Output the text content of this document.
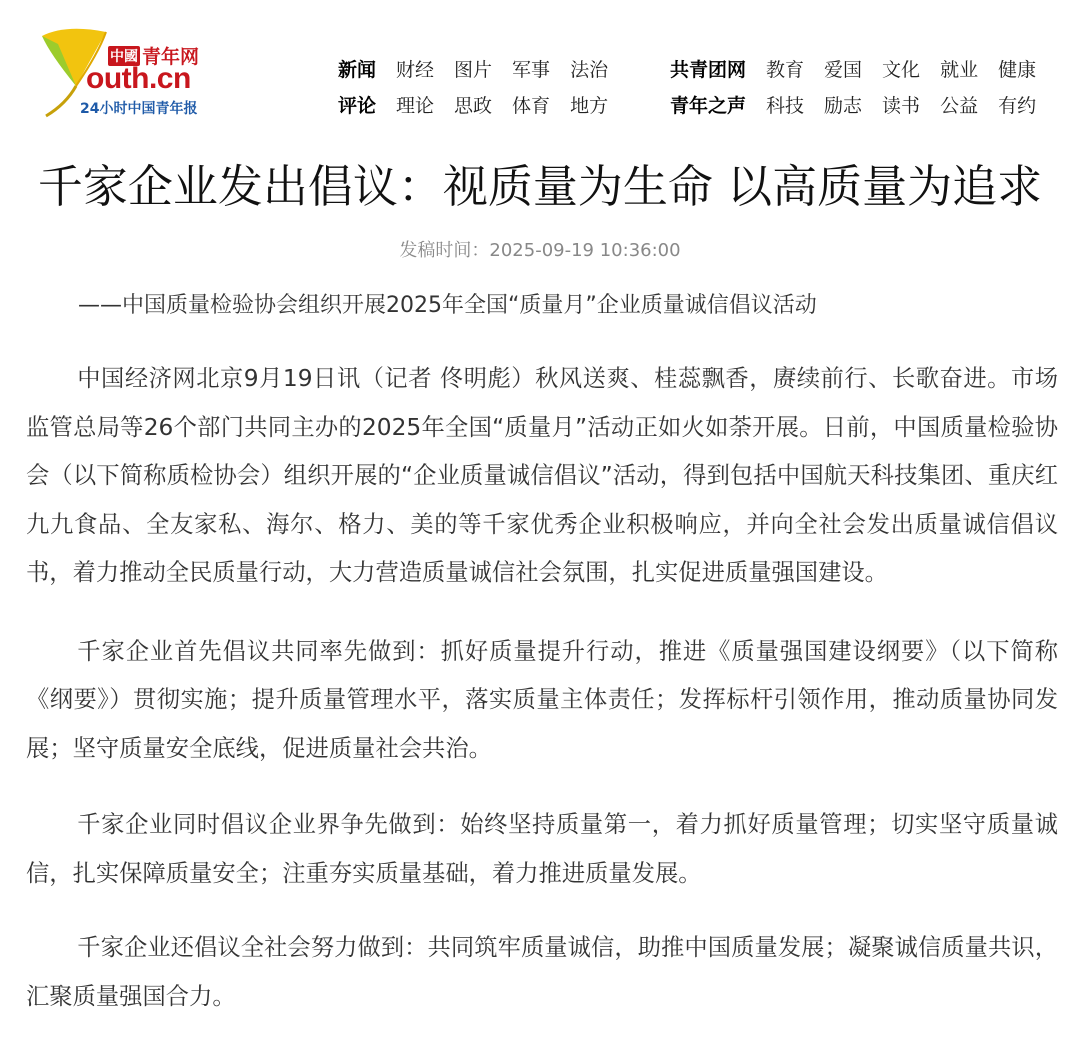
中國 青年网
outh.cn
24小时中国青年报
新闻 财经 图片 军事 法治
评论 理论 思政 体育 地方
共青团网 教育 爱国 文化 就业 健康
青年之声 科技 励志 读书 公益 有约
千家企业发出倡议：视质量为生命 以高质量为追求
发稿时间：2025-09-19 10:36:00
——中国质量检验协会组织开展2025年全国“质量月”企业质量诚信倡议活动

中国经济网北京9月19日讯（记者 佟明彪）秋风送爽、桂蕊飘香，赓续前行、长歌奋进。市场监管总局等26个部门共同主办的2025年全国“质量月”活动正如火如荼开展。日前，中国质量检验协会（以下简称质检协会）组织开展的“企业质量诚信倡议”活动，得到包括中国航天科技集团、重庆红九九食品、全友家私、海尔、格力、美的等千家优秀企业积极响应，并向全社会发出质量诚信倡议书，着力推动全民质量行动，大力营造质量诚信社会氛围，扎实促进质量强国建设。

千家企业首先倡议共同率先做到：抓好质量提升行动，推进《质量强国建设纲要》（以下简称《纲要》）贯彻实施；提升质量管理水平，落实质量主体责任；发挥标杆引领作用，推动质量协同发展；坚守质量安全底线，促进质量社会共治。

千家企业同时倡议企业界争先做到：始终坚持质量第一，着力抓好质量管理；切实坚守质量诚信，扎实保障质量安全；注重夯实质量基础，着力推进质量发展。

千家企业还倡议全社会努力做到：共同筑牢质量诚信，助推中国质量发展；凝聚诚信质量共识，汇聚质量强国合力。
